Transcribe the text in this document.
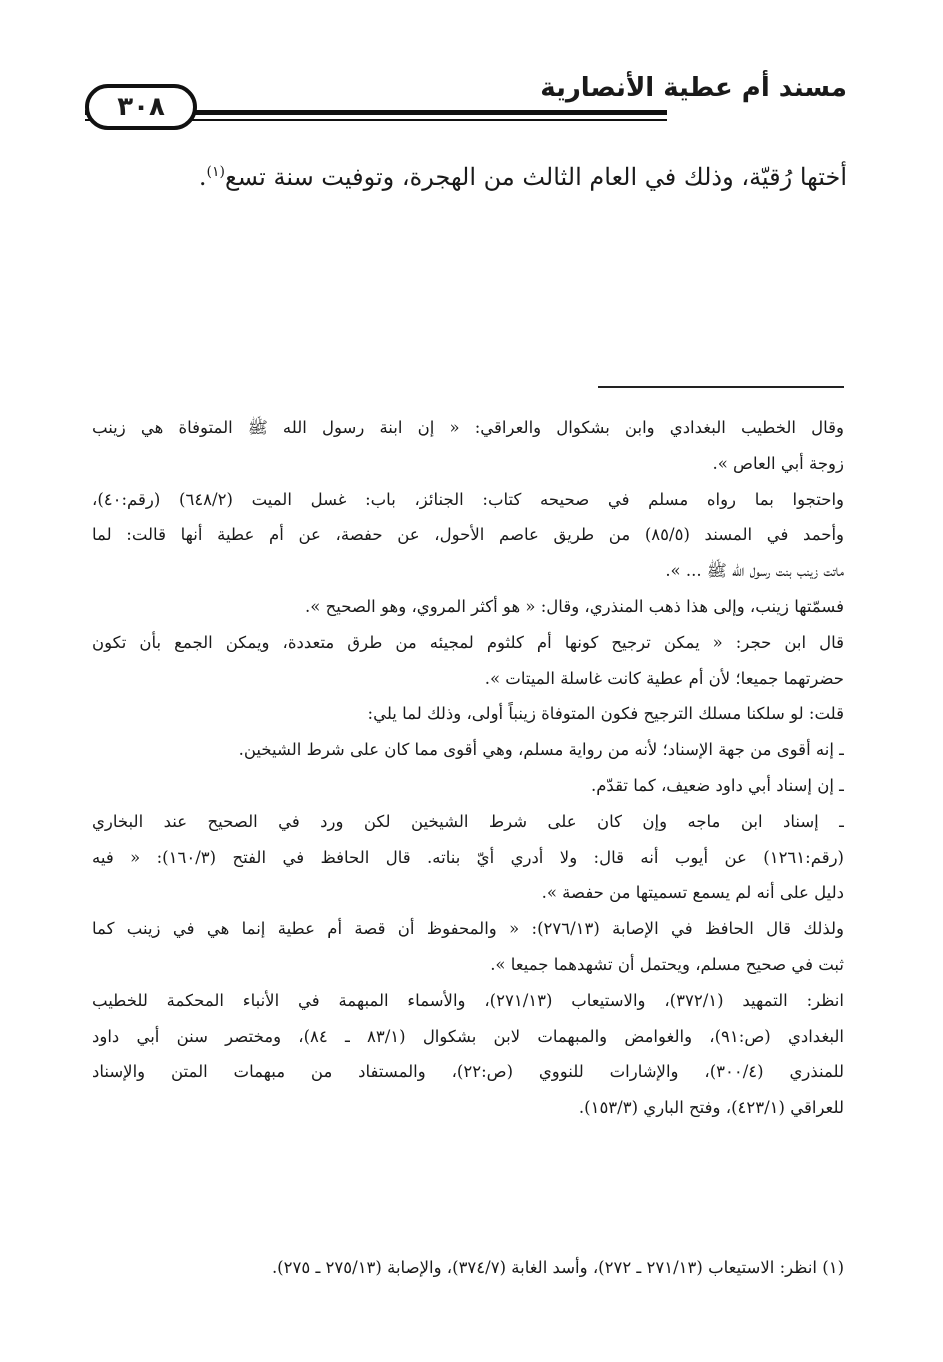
مسند أم عطية الأنصارية
٣٠٨
أختها رُقيّة، وذلك في العام الثالث من الهجرة، وتوفيت سنة تسع$^{(١)}$.
وقال الخطيب البغدادي وابن بشكوال والعراقي: « إن ابنة رسول الله ﷺ المتوفاة هي زينب
زوجة أبي العاص ».
واحتجوا بما رواه مسلم في صحيحه كتاب: الجنائز، باب: غسل الميت (٦٤٨/٢) (رقم:٤٠)،
وأحمد في المسند (٨٥/٥) من طريق عاصم الأحول، عن حفصة، عن أم عطية أنها قالت: لما
ماتت زينب بنت رسول الله ﷺ ... ».
فسمّتها زينب، وإلى هذا ذهب المنذري، وقال: « هو أكثر المروي، وهو الصحيح ».
قال ابن حجر: « يمكن ترجيح كونها أم كلثوم لمجيئه من طرق متعددة، ويمكن الجمع بأن تكون
حضرتهما جميعا؛ لأن أم عطية كانت غاسلة الميتات ».
قلت: لو سلكنا مسلك الترجيح فكون المتوفاة زينباً أولى، وذلك لما يلي:
ـ إنه أقوى من جهة الإسناد؛ لأنه من رواية مسلم، وهي أقوى مما كان على شرط الشيخين.
ـ إن إسناد أبي داود ضعيف، كما تقدّم.
ـ إسناد ابن ماجه وإن كان على شرط الشيخين لكن ورد في الصحيح عند البخاري
(رقم:١٢٦١) عن أيوب أنه قال: ولا أدري أيّ بناته. قال الحافظ في الفتح (١٦٠/٣): « فيه
دليل على أنه لم يسمع تسميتها من حفصة ».
ولذلك قال الحافظ في الإصابة (٢٧٦/١٣): « والمحفوظ أن قصة أم عطية إنما هي في زينب كما
ثبت في صحيح مسلم، ويحتمل أن تشهدهما جميعا ».
انظر: التمهيد (٣٧٢/١)، والاستيعاب (٢٧١/١٣)، والأسماء المبهمة في الأنباء المحكمة للخطيب
البغدادي (ص:٩١)، والغوامض والمبهمات لابن بشكوال (٨٣/١ ـ ٨٤)، ومختصر سنن أبي داود
للمنذري (٣٠٠/٤)، والإشارات للنووي (ص:٢٢)، والمستفاد من مبهمات المتن والإسناد
للعراقي (٤٢٣/١)، وفتح الباري (١٥٣/٣).
(١) انظر: الاستيعاب (٢٧١/١٣ ـ ٢٧٢)، وأسد الغابة (٣٧٤/٧)، والإصابة (٢٧٥/١٣ ـ ٢٧٥).
